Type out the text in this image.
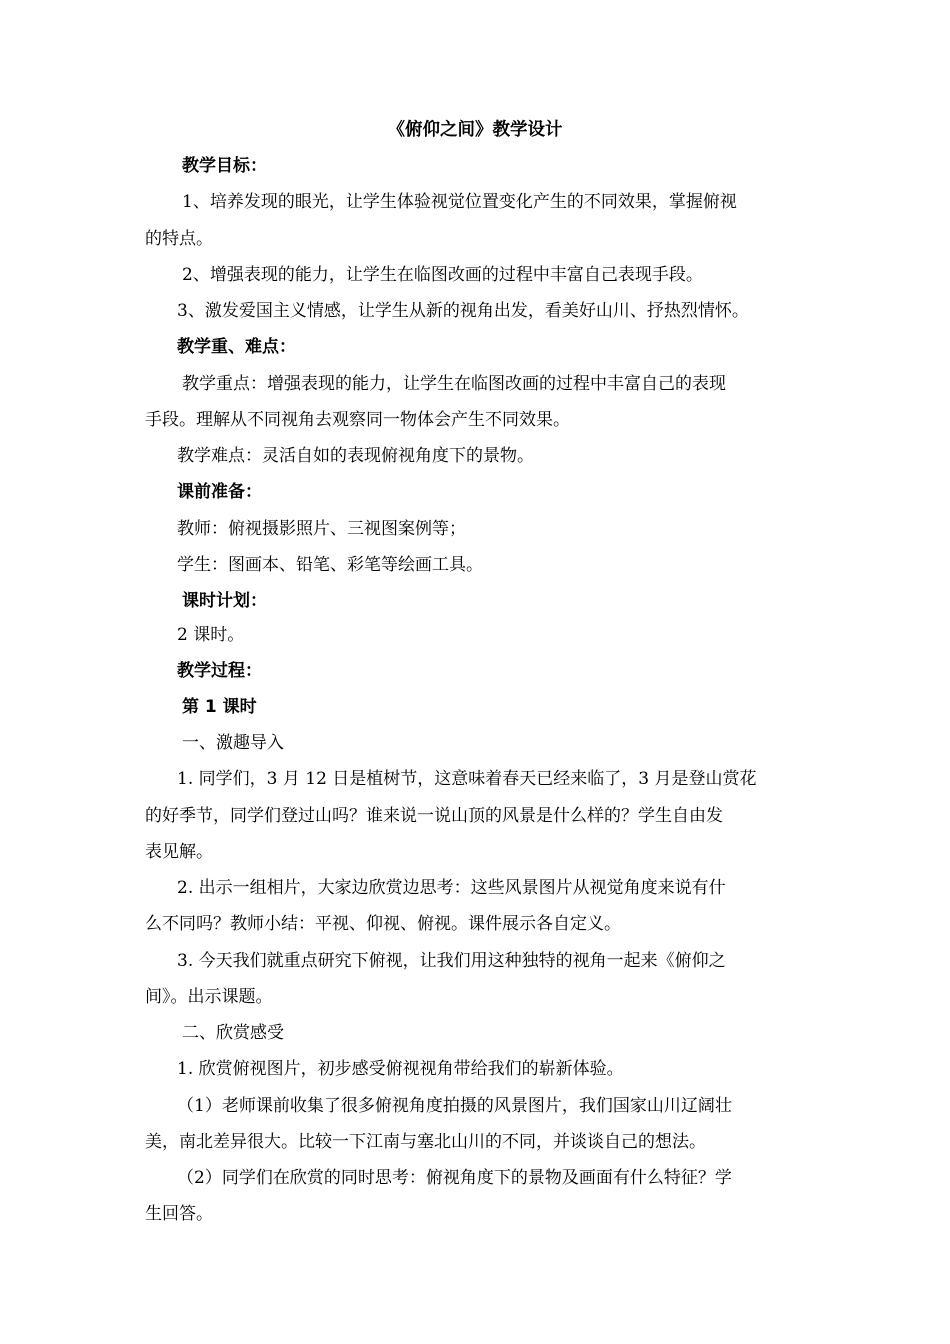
《俯仰之间》教学设计
教学目标：
1、培养发现的眼光，让学生体验视觉位置变化产生的不同效果，掌握俯视
的特点。
2、增强表现的能力，让学生在临图改画的过程中丰富自己表现手段。
3、激发爱国主义情感，让学生从新的视角出发，看美好山川、抒热烈情怀。
教学重、难点：
教学重点：增强表现的能力，让学生在临图改画的过程中丰富自己的表现
手段。理解从不同视角去观察同一物体会产生不同效果。
教学难点：灵活自如的表现俯视角度下的景物。
课前准备：
教师：俯视摄影照片、三视图案例等；
学生：图画本、铅笔、彩笔等绘画工具。
课时计划：
2 课时。
教学过程：
第 1 课时
一、激趣导入
1. 同学们，3 月 12 日是植树节，这意味着春天已经来临了，3 月是登山赏花
的好季节，同学们登过山吗？谁来说一说山顶的风景是什么样的？学生自由发
表见解。
2. 出示一组相片，大家边欣赏边思考：这些风景图片从视觉角度来说有什
么不同吗？教师小结：平视、仰视、俯视。课件展示各自定义。
3. 今天我们就重点研究下俯视，让我们用这种独特的视角一起来《俯仰之
间》。出示课题。
二、欣赏感受
1. 欣赏俯视图片，初步感受俯视视角带给我们的崭新体验。
（1）老师课前收集了很多俯视角度拍摄的风景图片，我们国家山川辽阔壮
美，南北差异很大。比较一下江南与塞北山川的不同，并谈谈自己的想法。
（2）同学们在欣赏的同时思考：俯视角度下的景物及画面有什么特征？学
生回答。
